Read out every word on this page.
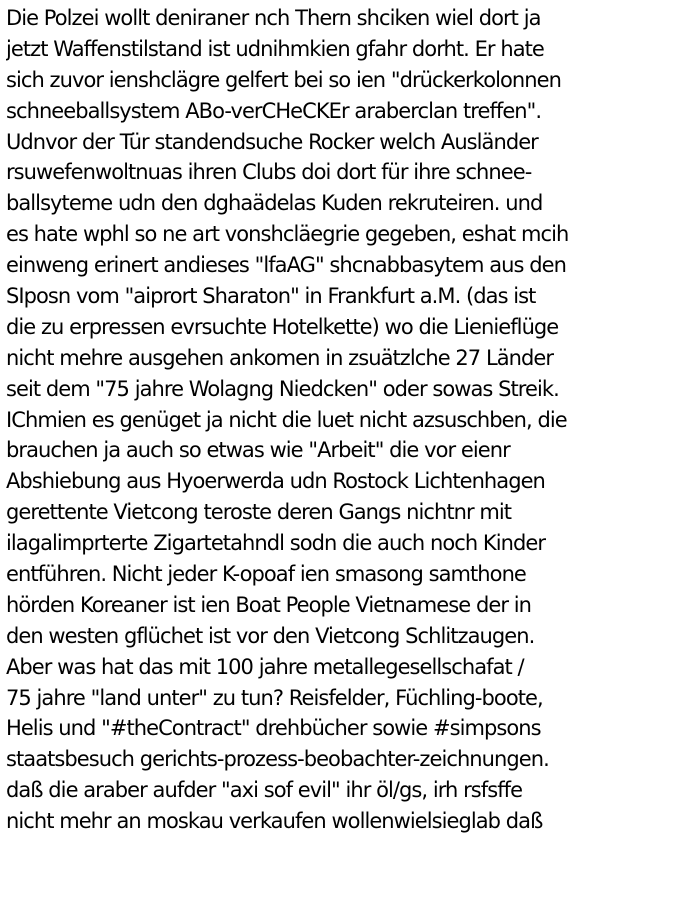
Die Polzei wollt deniraner nch Thern shciken wiel dort ja
jetzt Waffenstilstand ist udnihmkien gfahr dorht. Er hate
sich zuvor ienshclägre gelfert bei so ien "drückerkolonnen
schneeballsystem ABo-verCHeCKEr araberclan treffen".
Udnvor der Tür standendsuche Rocker welch Ausländer
rsuwefenwoltnuas ihren Clubs doi dort für ihre schnee-
ballsyteme udn den dghaädelas Kuden rekruteiren. und
es hate wphl so ne art vonshcläegrie gegeben, eshat mcih
einweng erinert andieses "lfaAG" shcnabbasytem aus den
SIposn vom "aiprort Sharaton" in Frankfurt a.M. (das ist
die zu erpressen evrsuchte Hotelkette) wo die Lienieflüge
nicht mehre ausgehen ankomen in zsuätzlche 27 Länder
seit dem "75 jahre Wolagng Niedcken" oder sowas Streik.
IChmien es genüget ja nicht die luet nicht azsuschben, die
brauchen ja auch so etwas wie "Arbeit" die vor eienr
Abshiebung aus Hyoerwerda udn Rostock Lichtenhagen
gerettente Vietcong teroste deren Gangs nichtnr mit
ilagalimprterte Zigartetahndl sodn die auch noch Kinder
entführen. Nicht jeder K-opoaf ien smasong samthone
hörden Koreaner ist ien Boat People Vietnamese der in
den westen gflüchet ist vor den Vietcong Schlitzaugen.
Aber was hat das mit 100 jahre metallegesellschafat /
75 jahre "land unter" zu tun? Reisfelder, Füchling-boote,
Helis und "#theContract" drehbücher sowie #simpsons
staatsbesuch gerichts-prozess-beobachter-zeichnungen.
daß die araber aufder "axi sof evil" ihr öl/gs, irh rsfsffe
nicht mehr an moskau verkaufen wollenwielsieglab daß
